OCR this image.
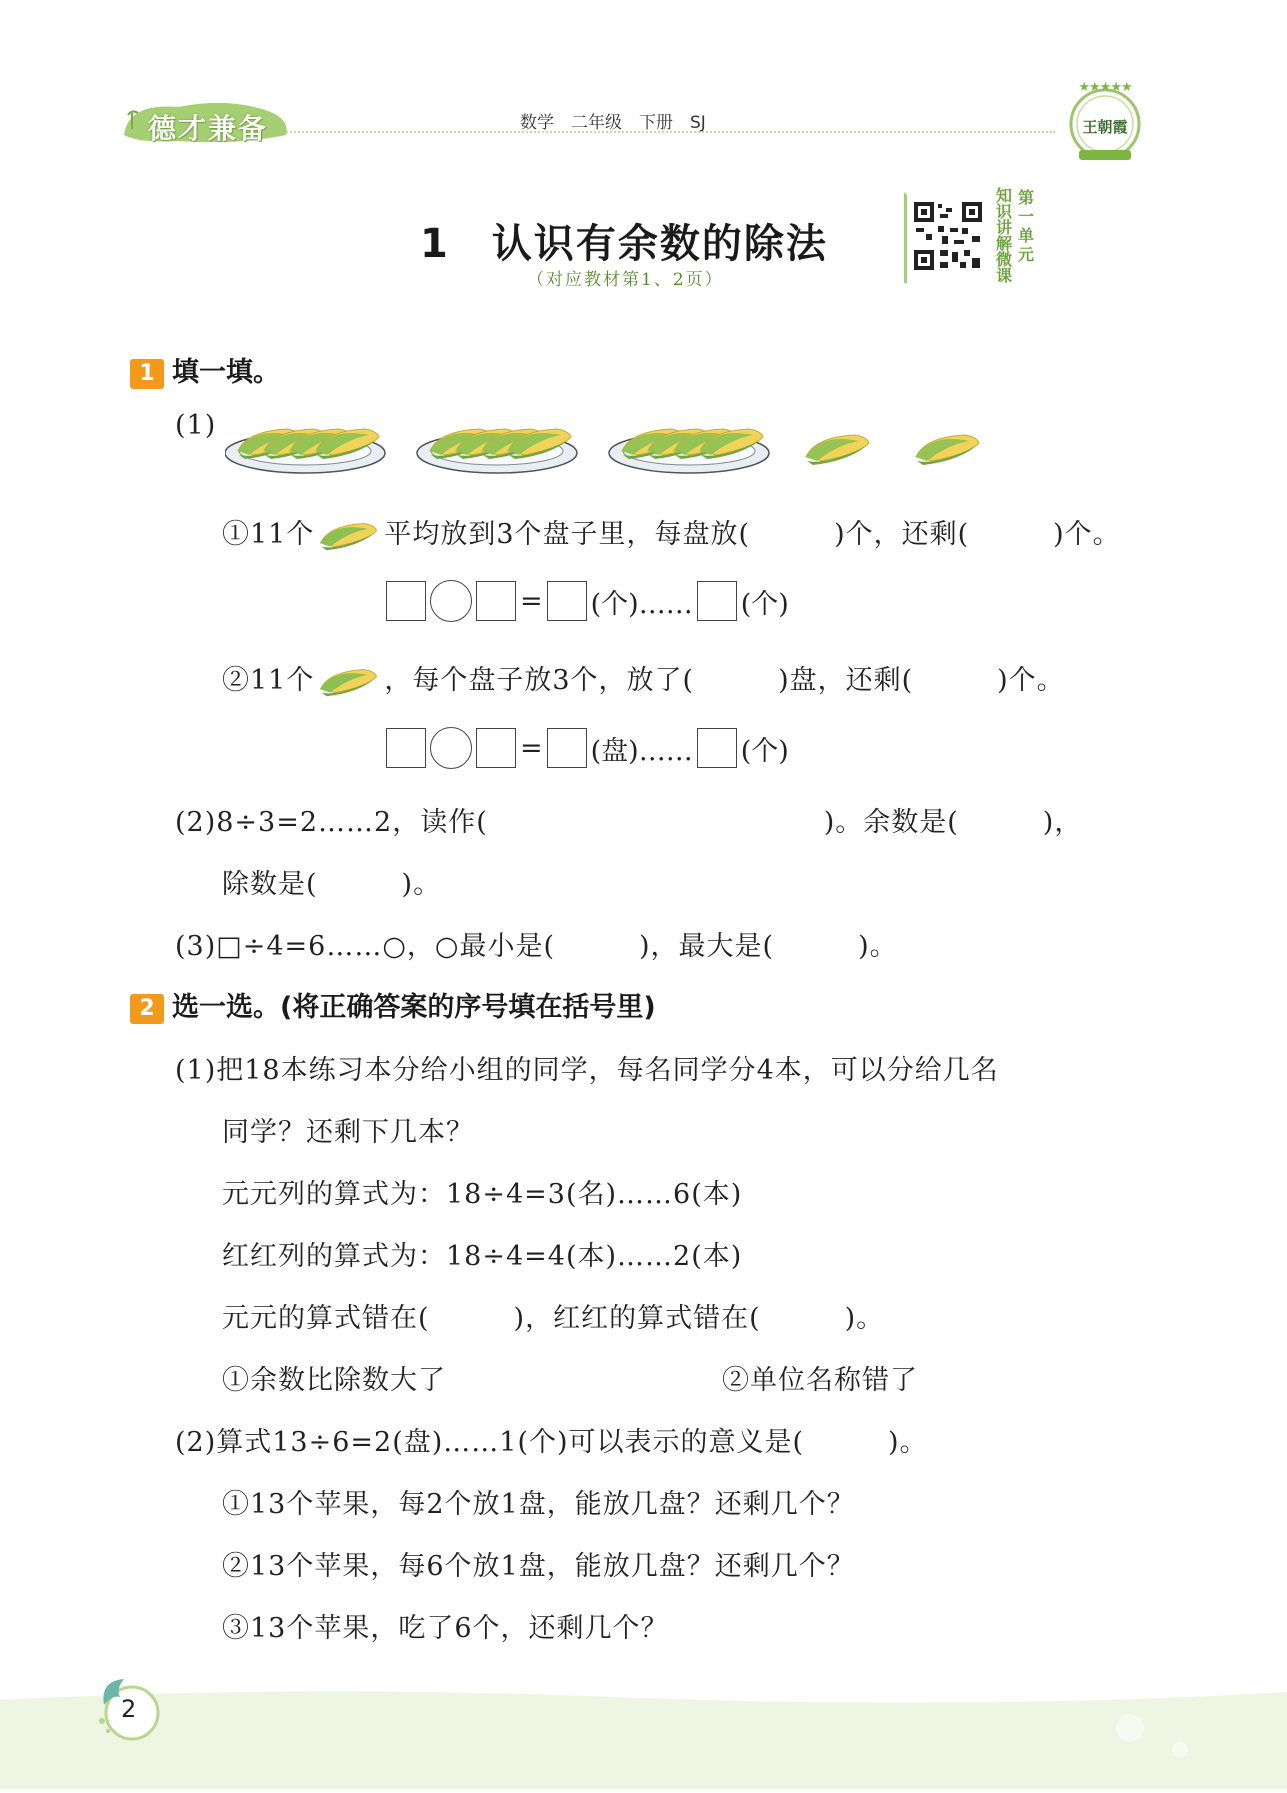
德才兼备	数学　二年级　下册　SJ
★★★★★
王朝霞
1　认识有余数的除法
（对应教材第1、2页）
知识讲解微课
第一单元
1 填一填。
(1)
①11个	平均放到3个盘子里，每盘放(　　　)个，还剩(　　　)个。
= (个)…… (个)
②11个	，每个盘子放3个，放了(　　　)盘，还剩(　　　)个。
= (盘)…… (个)
(2)8÷3=2……2，读作(　　　　　　　　　　　　)。余数是(　　　)，
除数是(　　　)。
(3)□÷4=6……○，○最小是(　　　)，最大是(　　　)。
2 选一选。(将正确答案的序号填在括号里)
(1)把18本练习本分给小组的同学，每名同学分4本，可以分给几名
同学？还剩下几本？
元元列的算式为：18÷4=3(名)……6(本)
红红列的算式为：18÷4=4(本)……2(本)
元元的算式错在(　　　)，红红的算式错在(　　　)。
①余数比除数大了	②单位名称错了
(2)算式13÷6=2(盘)……1(个)可以表示的意义是(　　　)。
①13个苹果，每2个放1盘，能放几盘？还剩几个？
②13个苹果，每6个放1盘，能放几盘？还剩几个？
③13个苹果，吃了6个，还剩几个？
2
